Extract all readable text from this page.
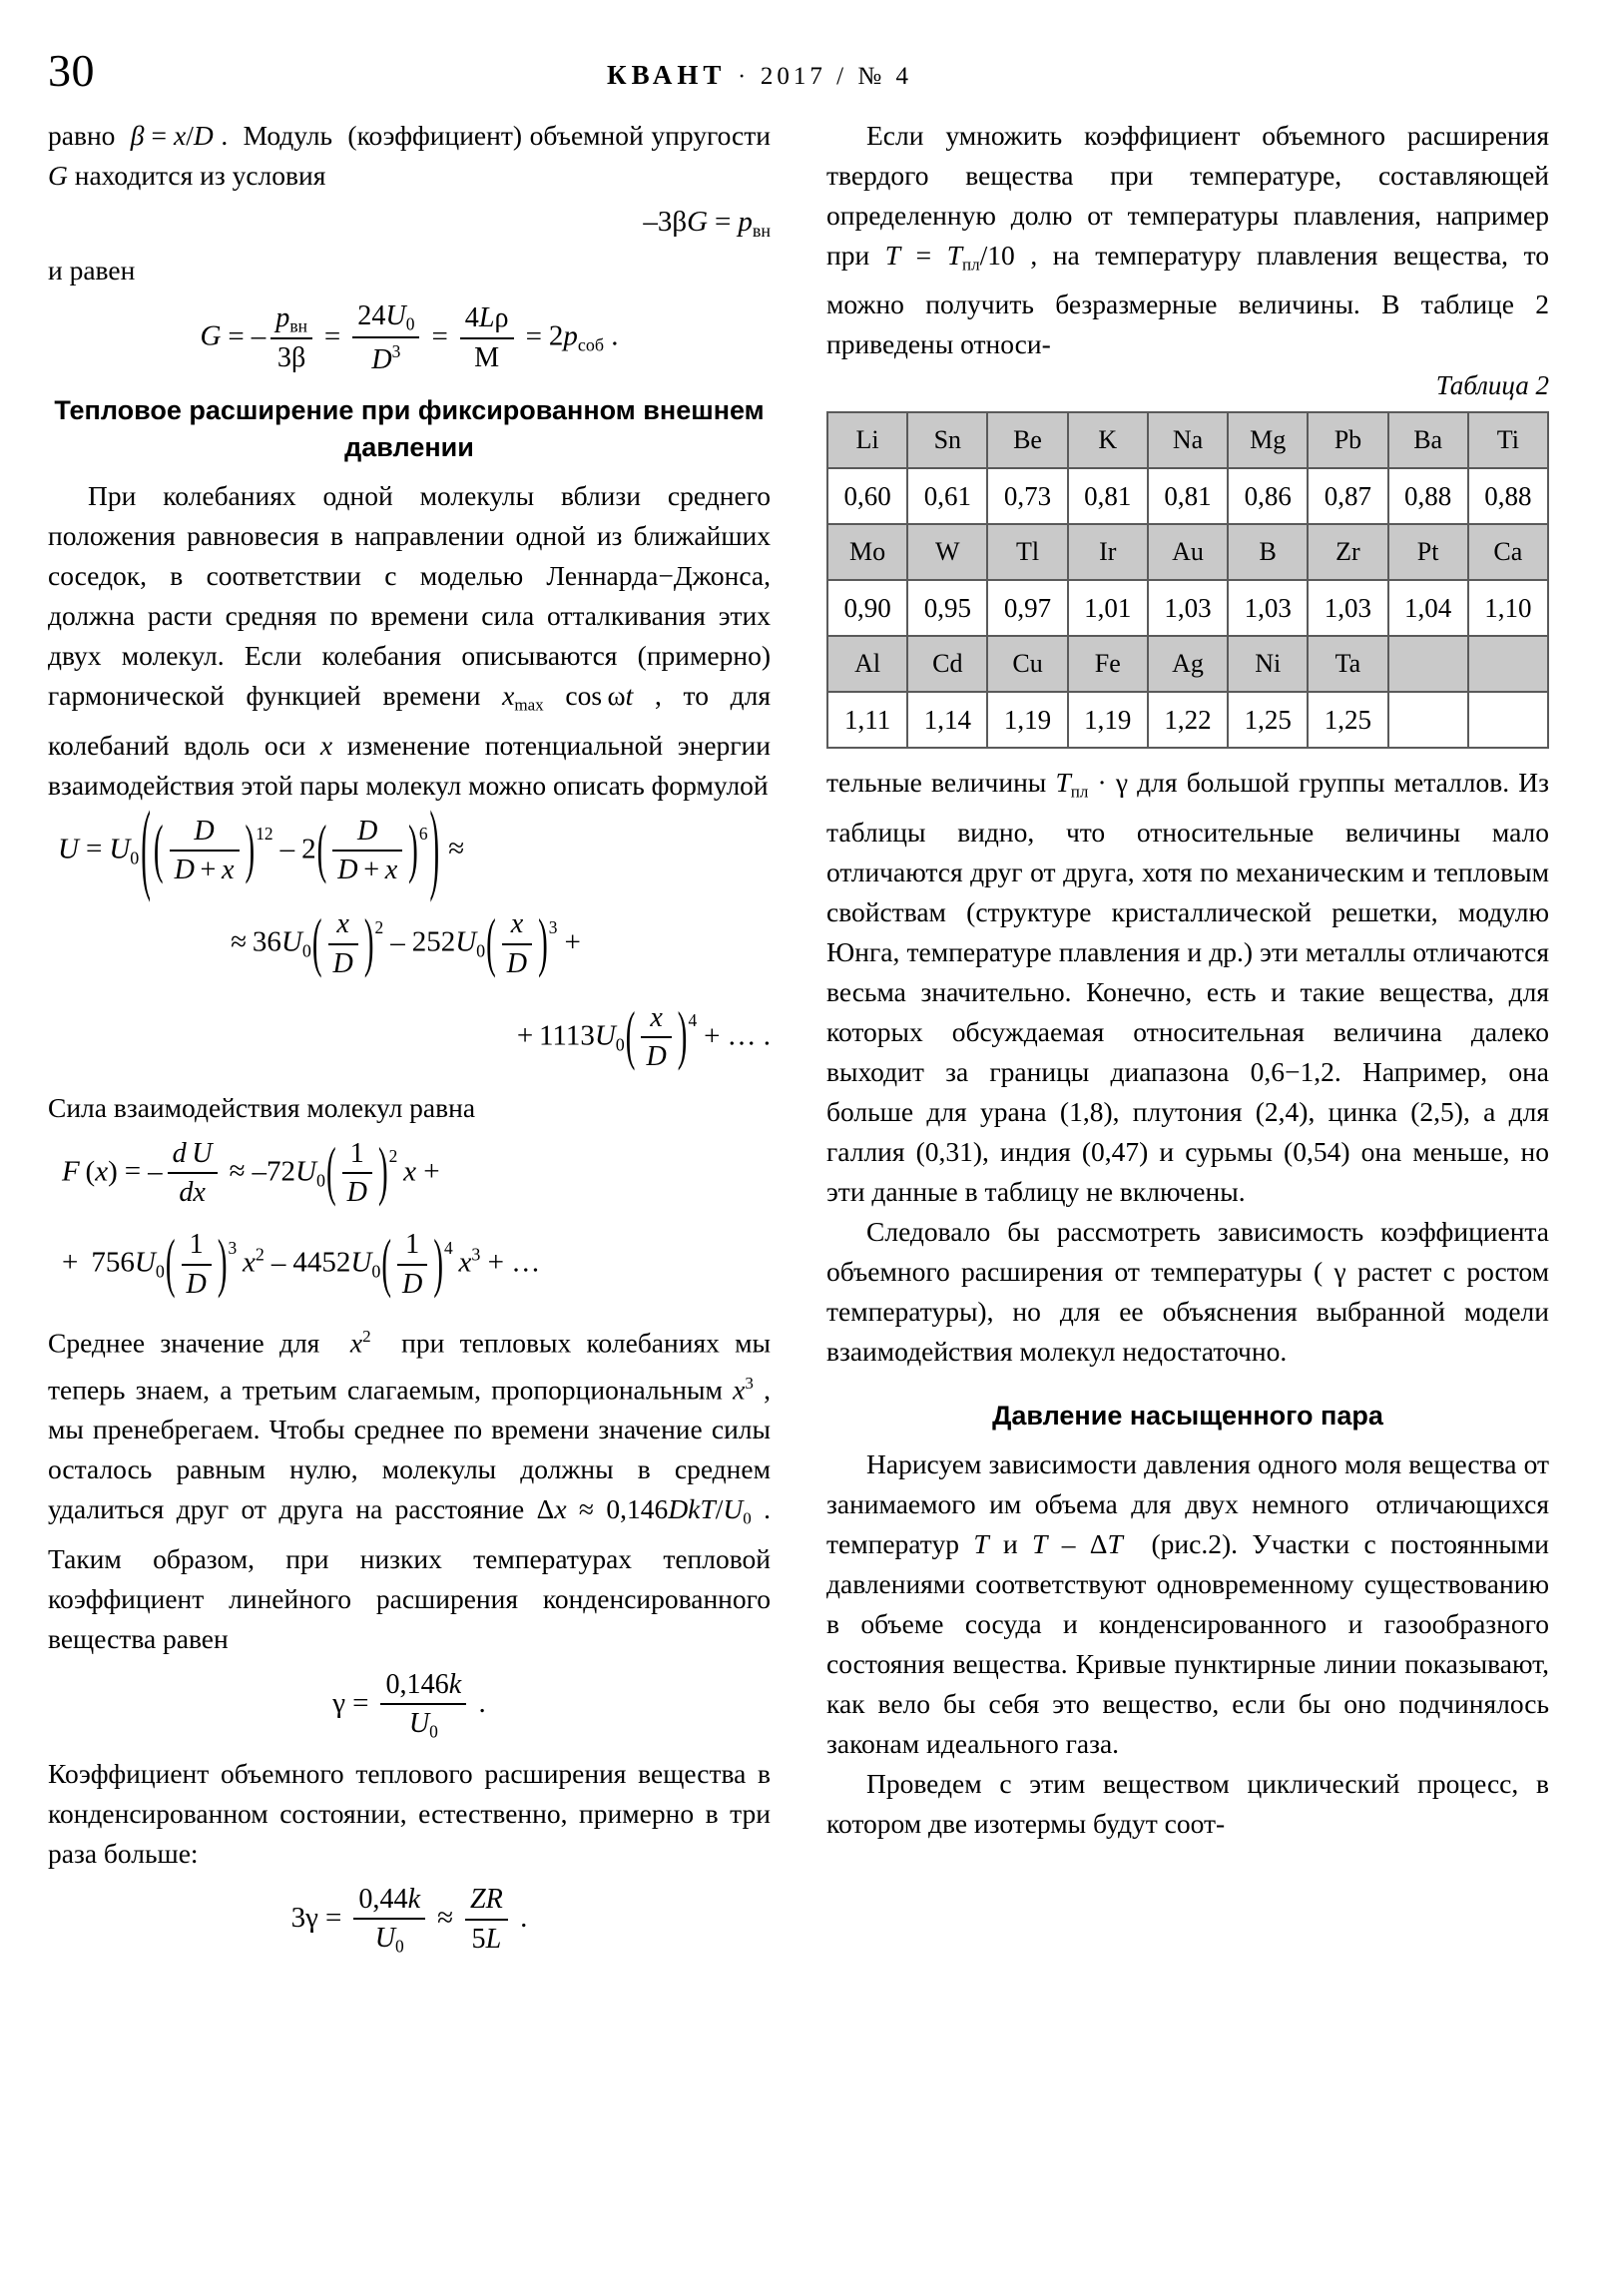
30	КВАНТ · 2017 / № 4

равно  β = x/D .  Модуль  (коэффициент) объемной упругости G находится из условия

$-3\beta G = p_{вн}$

и равен

G = – $\frac{p_{вн}}{3\beta} = \frac{24U_0}{D^3} = \frac{4L\rho}{M} = 2p_{соб}$ .
Тепловое расширение при фиксированном внешнем давлении

При колебаниях одной молекулы вблизи среднего положения равновесия в направлении одной из ближайших соседок, в соответствии с моделью Леннарда−Джонса, должна расти средняя по времени сила отталкивания этих двух молекул. Если колебания описываются (примерно) гармонической функцией времени $x_{max}$ cos ωt , то для колебаний вдоль оси x изменение потенциальной энергии взаимодействия этой пары молекул можно описать формулой

$U = U_0$( ( $\frac{D}{D + x} )12 - 2( \frac{D}{D + x} )6$) ≈
≈ $36U_0( \frac{x}{D} )2 - 252U_0( \frac{x}{D} )3$ +
+ $1113U_0( \frac{x}{D} )4$ + … .

Сила взаимодействия молекул равна

F (x) = – $\frac{\text{d U}}{dx} \approx -72U_0( \frac{1}{D} )2$  x +
+  $756U_0( \frac{1}{D} )3$  $x^2 - 4452U_0( \frac{1}{D} )4$  $x^3$ + …

Среднее значение для  $x^2$  при тепловых колебаниях мы теперь знаем, а третьим слагаемым, пропорциональным $x^3$ , мы пренебрегаем. Чтобы среднее по времени значение силы осталось равным нулю, молекулы должны в среднем удалиться друг от друга на расстояние $\Delta x \approx 0,146DkT/U_0$ . Таким образом, при низких температурах тепловой коэффициент линейного расширения конденсированного вещества равен

$\gamma = \frac{0,146k}{U_0}$ .

Коэффициент объемного теплового расширения вещества в конденсированном состоянии, естественно, примерно в три раза больше:

$3\gamma = \frac{0,44k}{U_0} \approx \frac{ZR}{5L}$ .

Если умножить коэффициент объемного расширения твердого вещества при температуре, составляющей определенную долю от температуры плавления, например при $T = T_{пл}/10$ , на температуру плавления вещества, то можно получить безразмерные величины. В таблице 2 приведены относи-

Таблица 2
Li	Sn	Be	K	Na	Mg	Pb	Ba	Ti
0,60	0,61	0,73	0,81	0,81	0,86	0,87	0,88	0,88
Mo	W	Tl	Ir	Au	B	Zr	Pt	Ca
0,90	0,95	0,97	1,01	1,03	1,03	1,03	1,04	1,10
Al	Cd	Cu	Fe	Ag	Ni	Ta		
1,11	1,14	1,19	1,19	1,22	1,25	1,25		

тельные величины $T_{пл} \cdot \gamma$ для большой группы металлов. Из таблицы видно, что относительные величины мало отличаются друг от друга, хотя по механическим и тепловым свойствам (структуре кристаллической решетки, модулю Юнга, температуре плавления и др.) эти металлы отличаются весьма значительно. Конечно, есть и такие вещества, для которых обсуждаемая относительная величина далеко выходит за границы диапазона 0,6−1,2. Например, она больше для урана (1,8), плутония (2,4), цинка (2,5), а для галлия (0,31), индия (0,47) и сурьмы (0,54) она меньше, но эти данные в таблицу не включены.

Следовало бы рассмотреть зависимость коэффициента объемного расширения от температуры ( γ растет с ростом температуры), но для ее объяснения выбранной модели взаимодействия молекул недостаточно.

Давление насыщенного пара

Нарисуем зависимости давления одного моля вещества от занимаемого им объема для двух немного  отличающихся температур T и T – ΔT  (рис.2). Участки с постоянными давлениями соответствуют одновременному существованию в объеме сосуда и конденсированного и газообразного состояния вещества. Кривые пунктирные линии показывают, как вело бы себя это вещество, если бы оно подчинялось законам идеального газа.

Проведем с этим веществом циклический процесс, в котором две изотермы будут соот-
